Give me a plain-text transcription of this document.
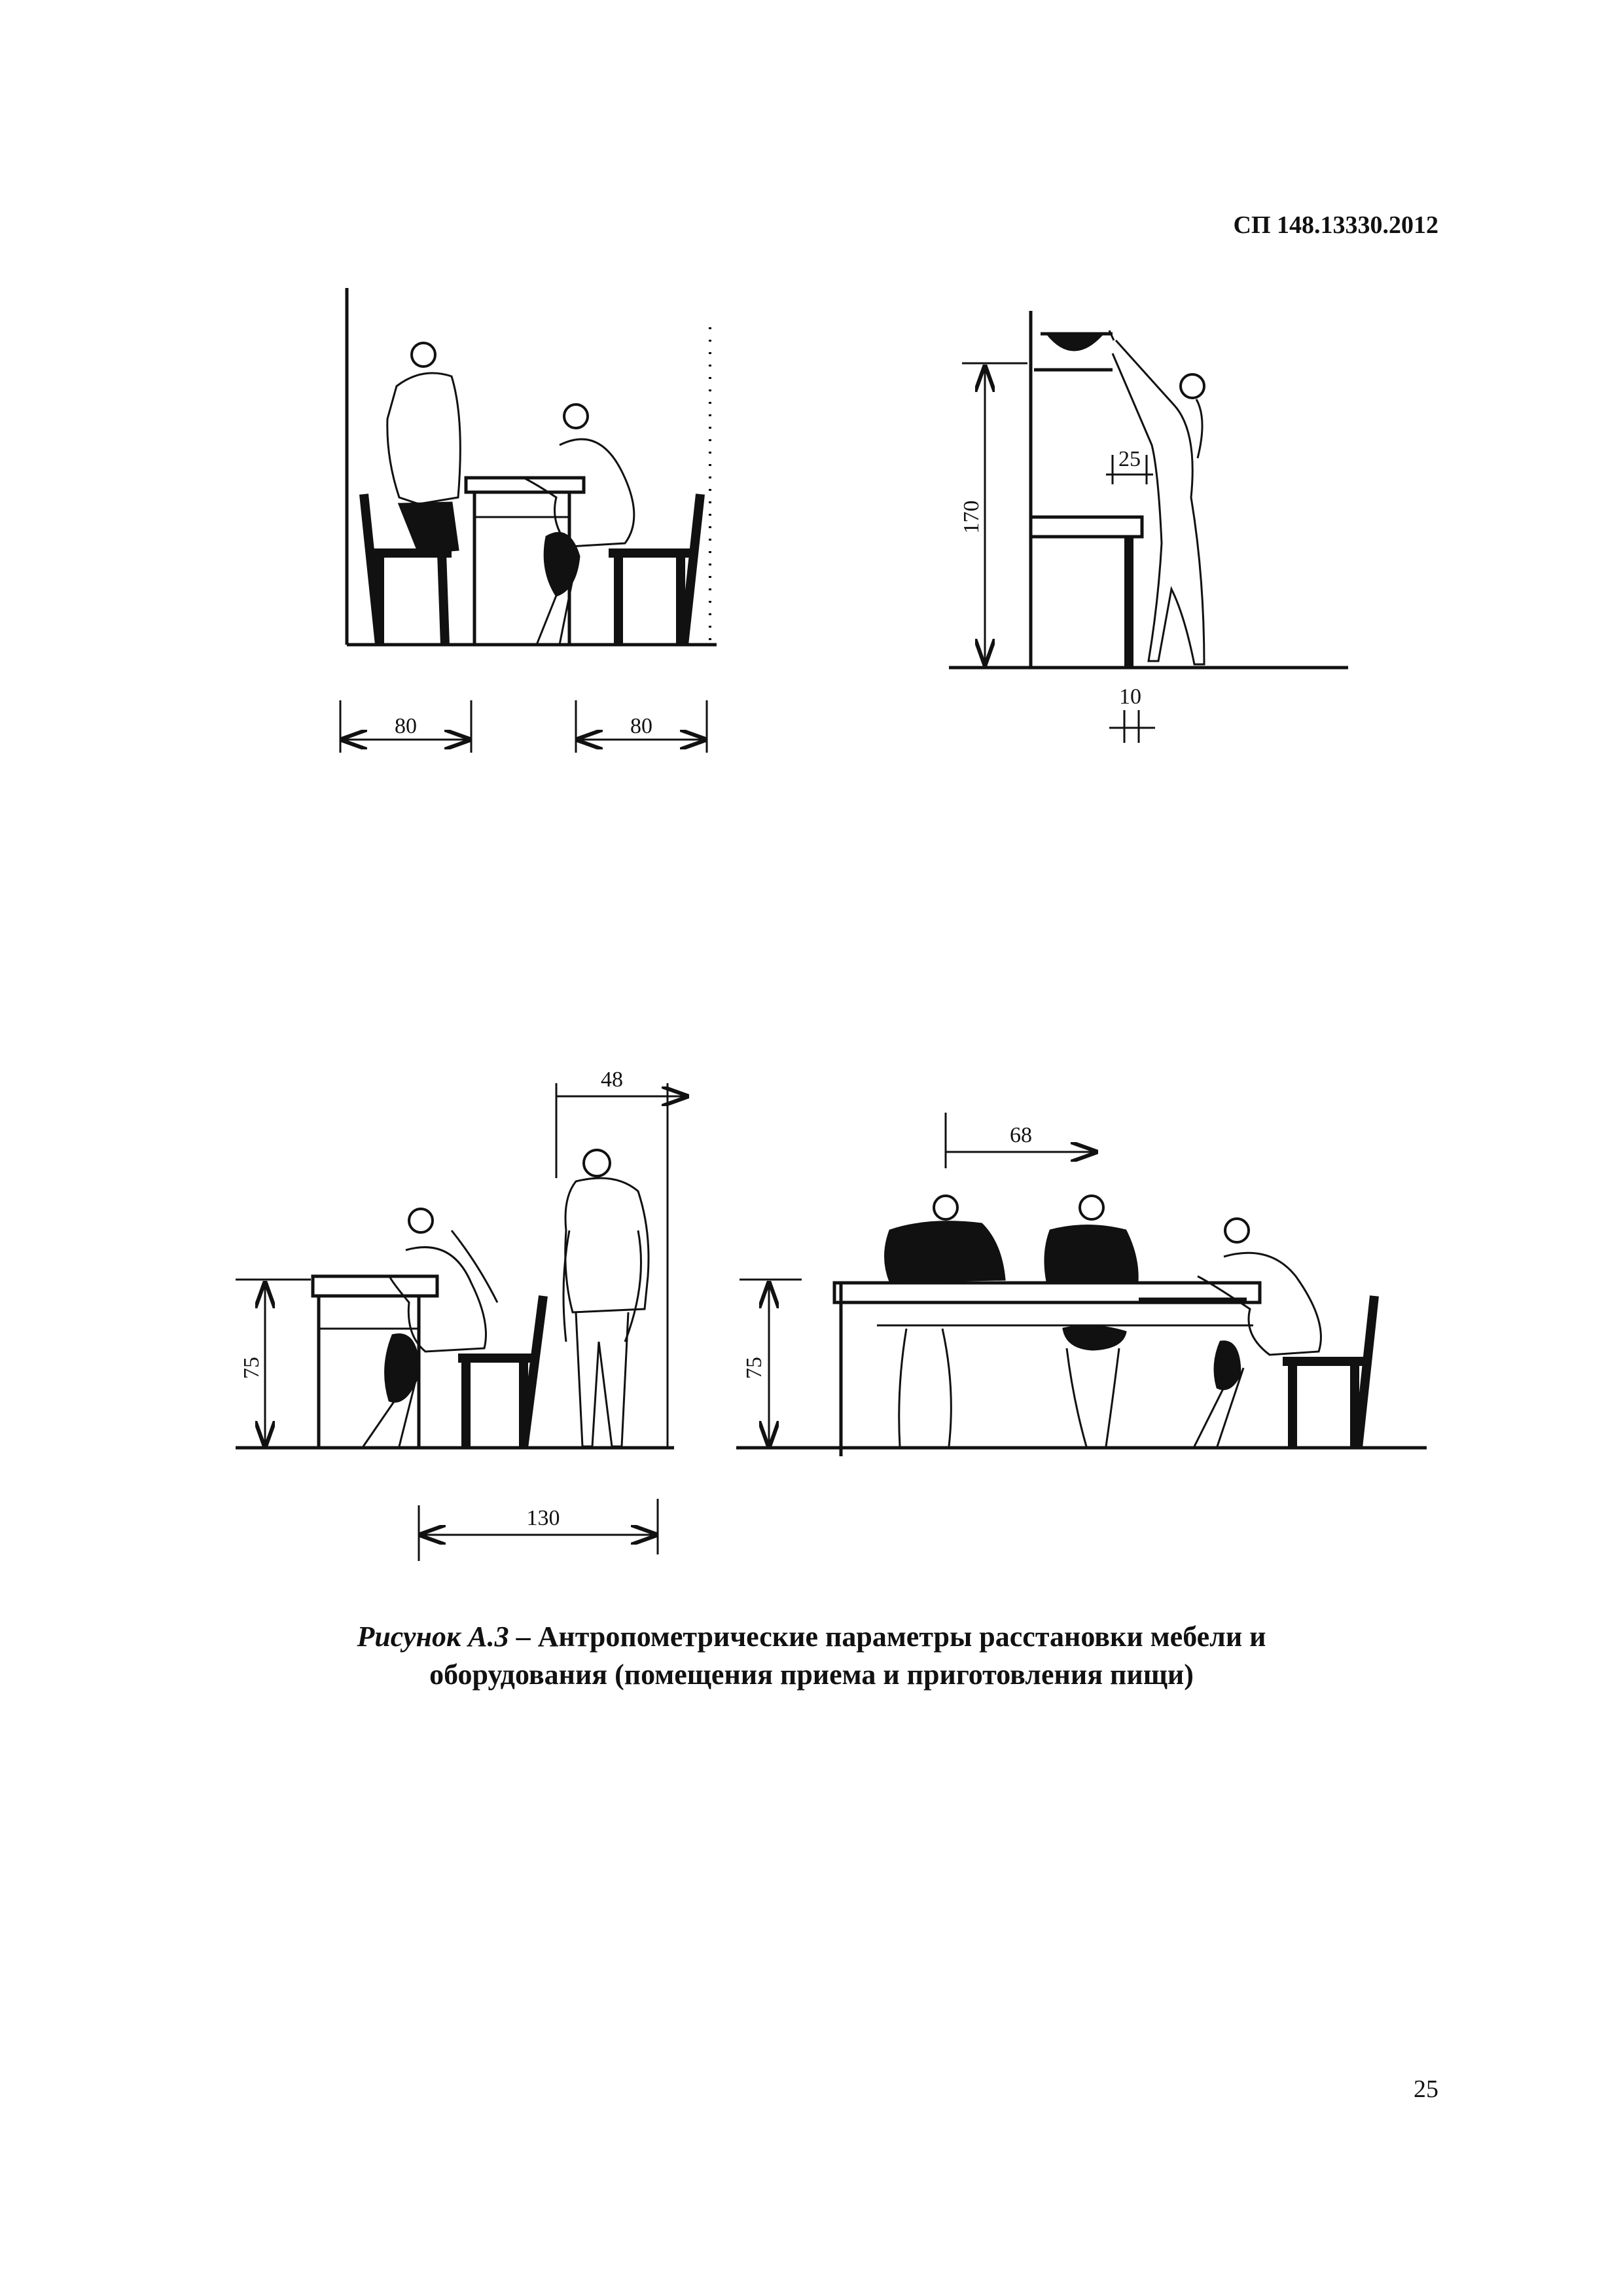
СП 148.13330.2012
80	80
170
25
10
75
48
130
75
68
Рисунок А.3 – Антропометрические параметры расстановки мебели и
оборудования (помещения приема и приготовления пищи)
25
